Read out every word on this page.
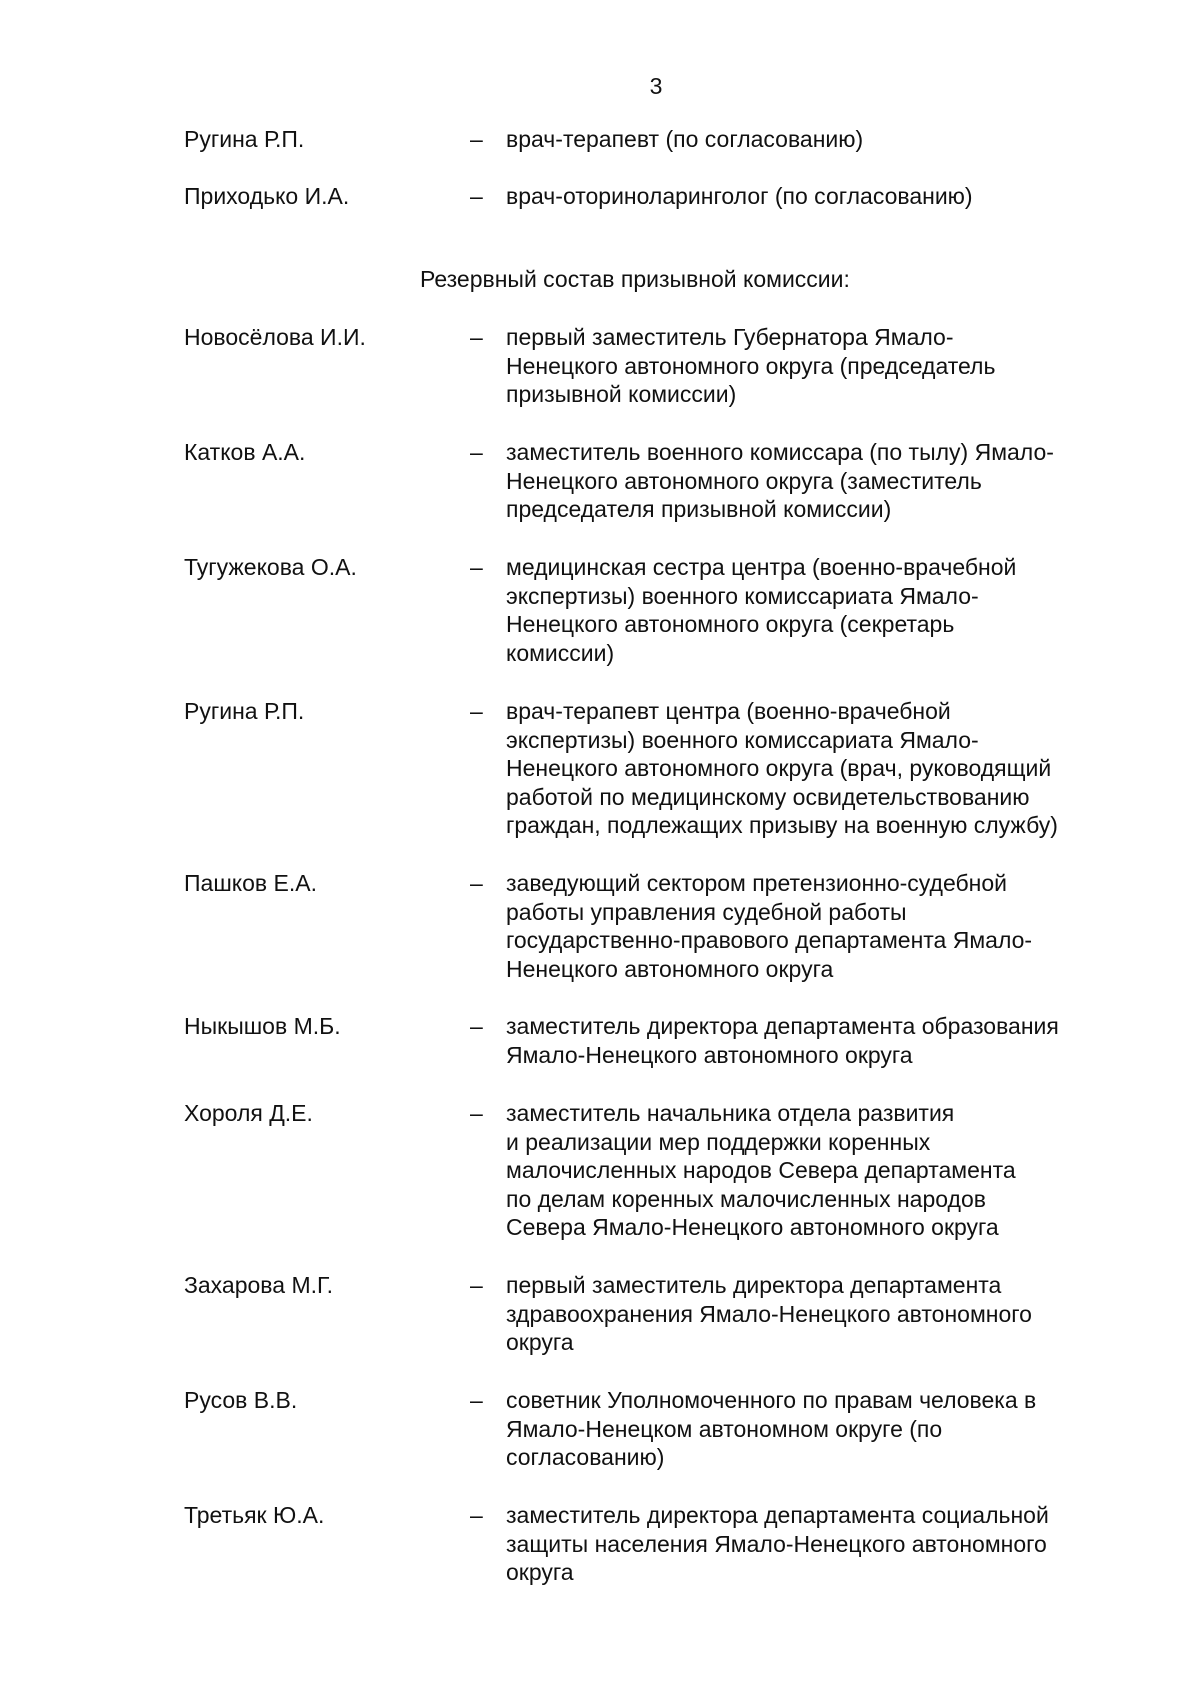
3
Ругина Р.П.	– врач-терапевт (по согласованию)
Приходько И.А.	– врач-оториноларинголог (по согласованию)
Резервный состав призывной комиссии:
Новосёлова И.И.	– первый заместитель Губернатора Ямало-
Ненецкого автономного округа (председатель
призывной комиссии)
Катков А.А.	– заместитель военного комиссара (по тылу) Ямало-
Ненецкого автономного округа (заместитель
председателя призывной комиссии)
Тугужекова О.А.	– медицинская сестра центра (военно-врачебной
экспертизы) военного комиссариата Ямало-
Ненецкого автономного округа (секретарь
комиссии)
Ругина Р.П.	– врач-терапевт центра (военно-врачебной
экспертизы) военного комиссариата Ямало-
Ненецкого автономного округа (врач, руководящий
работой по медицинскому освидетельствованию
граждан, подлежащих призыву на военную службу)
Пашков Е.А.	– заведующий сектором претензионно-судебной
работы управления судебной работы
государственно-правового департамента Ямало-
Ненецкого автономного округа
Ныкышов М.Б.	– заместитель директора департамента образования
Ямало-Ненецкого автономного округа
Хороля Д.Е.	– заместитель начальника отдела развития
и реализации мер поддержки коренных
малочисленных народов Севера департамента
по делам коренных малочисленных народов
Севера Ямало-Ненецкого автономного округа
Захарова М.Г.	– первый заместитель директора департамента
здравоохранения Ямало-Ненецкого автономного
округа
Русов В.В.	– советник Уполномоченного по правам человека в
Ямало-Ненецком автономном округе (по
согласованию)
Третьяк Ю.А.	– заместитель директора департамента социальной
защиты населения Ямало-Ненецкого автономного
округа
